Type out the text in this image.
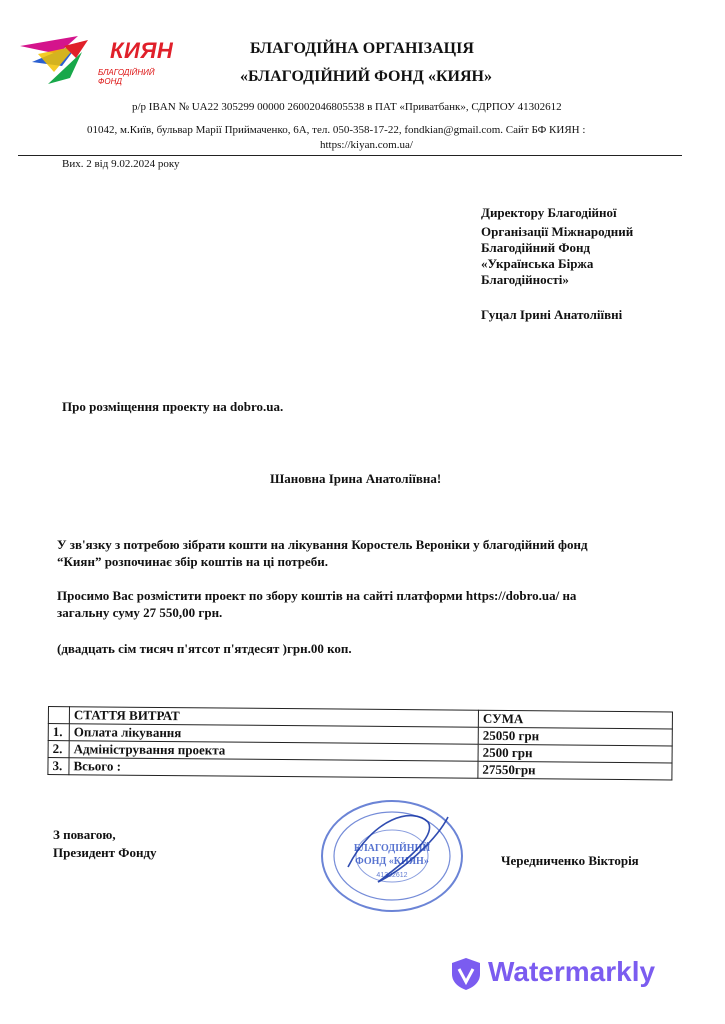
КИЯН
БЛАГОДІЙНИЙ ФОНД
БЛАГОДІЙНА ОРГАНІЗАЦІЯ
«БЛАГОДІЙНИЙ ФОНД «КИЯН»
р/р IBAN № UA22 305299 00000 26002046805538 в ПАТ «Приватбанк», СДРПОУ 41302612
01042, м.Київ, бульвар Марії Приймаченко, 6А, тел. 050-358-17-22, fondkian@gmail.com. Сайт БФ КИЯН :
https://kiyan.com.ua/
Вих. 2 від 9.02.2024 року
Директору Благодійної
Організації Міжнародний
Благодійний Фонд
«Українська Біржа
Благодійності»
Гуцал Ірині Анатоліївні
Про розміщення проекту на dobro.ua.
Шановна Ірина Анатоліївна!
У зв'язку з потребою зібрати кошти на лікування Коростель Вероніки у благодійний фонд
“Киян” розпочинає збір коштів на ці потреби.
Просимо Вас розмістити проект по збору коштів на сайті платформи https://dobro.ua/ на
загальну суму 27 550,00 грн.
(двадцать сім тисяч п'ятсот п'ятдесят )грн.00 коп.
	СТАТТЯ ВИТРАТ	СУМА
1.	Оплата лікування	25050 грн
2.	Адміністрування проекта	2500 грн
3.	Всього :	27550грн
З повагою,
Президент Фонду
Чередниченко Вікторія
БЛАГОДІЙНИЙ
ФОНД «КИЯН»
41302612
Watermarkly
